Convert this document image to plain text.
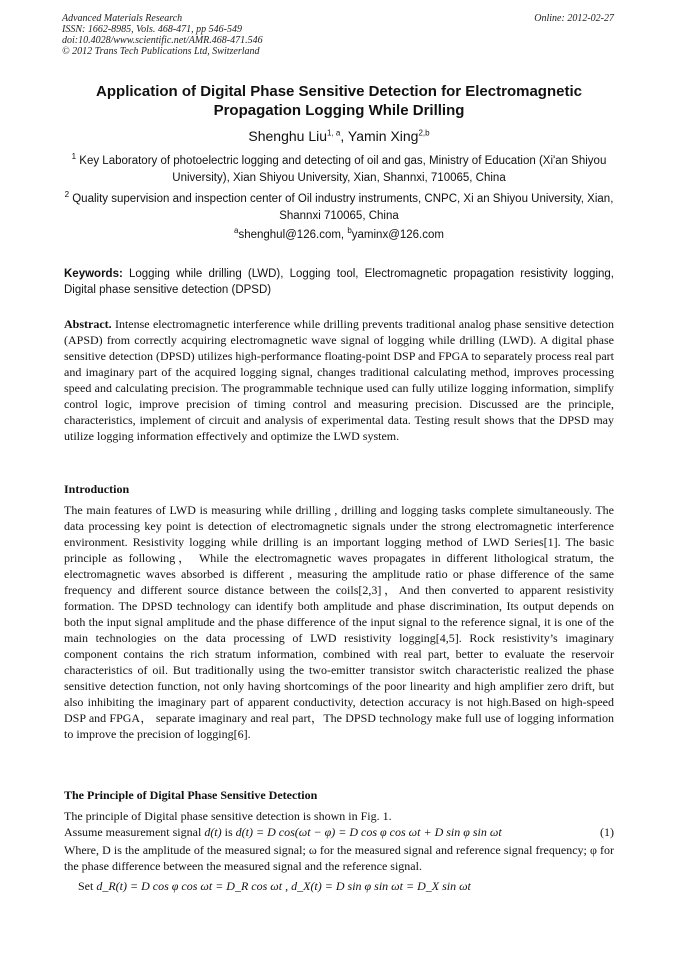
Advanced Materials Research
ISSN: 1662-8985, Vols. 468-471, pp 546-549
doi:10.4028/www.scientific.net/AMR.468-471.546
© 2012 Trans Tech Publications Ltd, Switzerland
Online: 2012-02-27
Application of Digital Phase Sensitive Detection for Electromagnetic Propagation Logging While Drilling
Shenghu Liu$^{1, a}$, Yamin Xing$^{2,b}$
$^1$ Key Laboratory of photoelectric logging and detecting of oil and gas, Ministry of Education (Xi'an Shiyou University), Xian Shiyou University, Xian, Shannxi, 710065, China
$^2$ Quality supervision and inspection center of Oil industry instruments, CNPC, Xi an Shiyou University, Xian, Shannxi 710065, China
$^a$shenghul@126.com, $^b$yaminx@126.com
Keywords: Logging while drilling (LWD), Logging tool, Electromagnetic propagation resistivity logging, Digital phase sensitive detection (DPSD)
Abstract. Intense electromagnetic interference while drilling prevents traditional analog phase sensitive detection (APSD) from correctly acquiring electromagnetic wave signal of logging while drilling (LWD). A digital phase sensitive detection (DPSD) utilizes high-performance floating-point DSP and FPGA to separately process real part and imaginary part of the acquired logging signal, changes traditional calculating method, improves processing speed and calculating precision. The programmable technique used can fully utilize logging information, simplify control logic, improve precision of timing control and measuring precision. Discussed are the principle, characteristics, implement of circuit and analysis of experimental data. Testing result shows that the DPSD may utilize logging information effectively and optimize the LWD system.
Introduction
The main features of LWD is measuring while drilling , drilling and logging tasks complete simultaneously. The data processing key point is detection of electromagnetic signals under the strong electromagnetic interference environment. Resistivity logging while drilling is an important logging method of LWD Series[1]. The basic principle as following， While the electromagnetic waves propagates in different lithological stratum, the electromagnetic waves absorbed is different , measuring the amplitude ratio or phase difference of the same frequency and different source distance between the coils[2,3]，And then converted to apparent resistivity formation. The DPSD technology can identify both amplitude and phase discrimination, Its output depends on both the input signal amplitude and the phase difference of the input signal to the reference signal, it is one of the main technologies on the data processing of LWD resistivity logging[4,5]. Rock resistivity’s imaginary component contains the rich stratum information, combined with real part, better to evaluate the reservoir characteristics of oil. But traditionally using the two-emitter transistor switch characteristic realized the phase sensitive detection function, not only having shortcomings of the poor linearity and high amplifier zero drift, but also inhibiting the imaginary part of apparent conductivity, detection accuracy is not high.Based on high-speed DSP and FPGA， separate imaginary and real part，The DPSD technology make full use of logging information to improve the precision of logging[6].
The Principle of Digital Phase Sensitive Detection
The principle of Digital phase sensitive detection is shown in Fig. 1.
Assume measurement signal d(t) is d(t) = D cos(ωt − φ) = D cos φ cos ωt + D sin φ sin ωt	(1)
Where, D is the amplitude of the measured signal; ω for the measured signal and reference signal frequency; φ for the phase difference between the measured signal and the reference signal.
Set d_R(t) = D cos φ cos ωt = D_R cos ωt , d_X(t) = D sin φ sin ωt = D_X sin ωt
